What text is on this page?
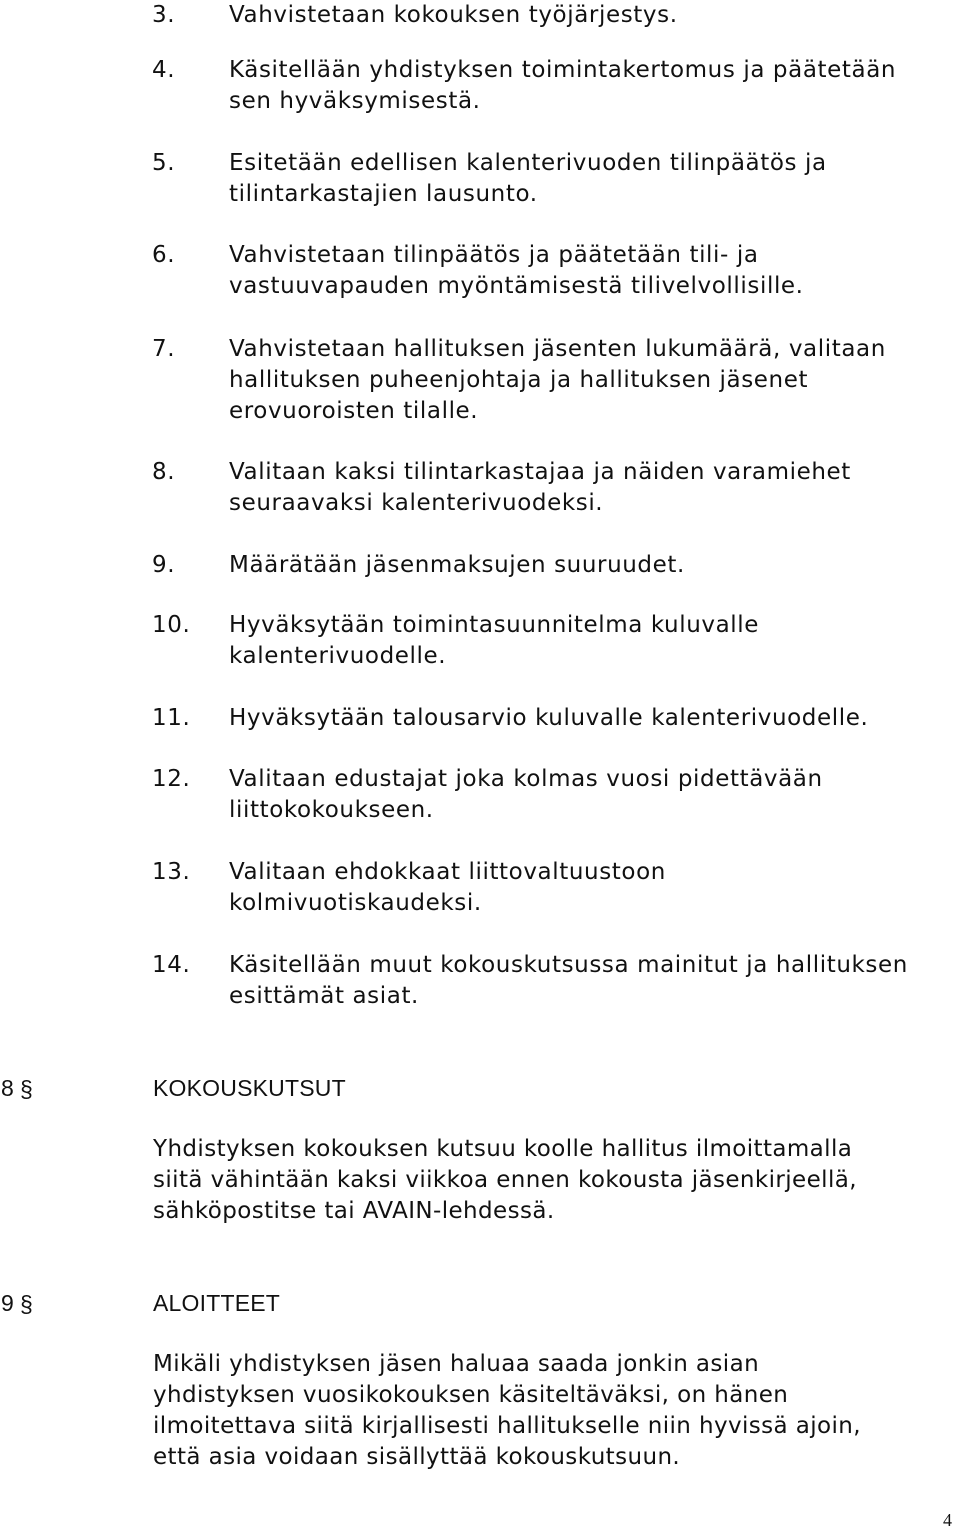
3. Vahvistetaan kokouksen työjärjestys.
4. Käsitellään yhdistyksen toimintakertomus ja päätetään
sen hyväksymisestä.
5. Esitetään edellisen kalenterivuoden tilinpäätös ja
tilintarkastajien lausunto.
6. Vahvistetaan tilinpäätös ja päätetään tili- ja
vastuuvapauden myöntämisestä tilivelvollisille.
7. Vahvistetaan hallituksen jäsenten lukumäärä, valitaan
hallituksen puheenjohtaja ja hallituksen jäsenet
erovuoroisten tilalle.
8. Valitaan kaksi tilintarkastajaa ja näiden varamiehet
seuraavaksi kalenterivuodeksi.
9. Määrätään jäsenmaksujen suuruudet.
10. Hyväksytään toimintasuunnitelma kuluvalle
kalenterivuodelle.
11. Hyväksytään talousarvio kuluvalle kalenterivuodelle.
12. Valitaan edustajat joka kolmas vuosi pidettävään
liittokokoukseen.
13. Valitaan ehdokkaat liittovaltuustoon
kolmivuotiskaudeksi.
14. Käsitellään muut kokouskutsussa mainitut ja hallituksen
esittämät asiat.
8 §	KOKOUSKUTSUT
Yhdistyksen kokouksen kutsuu koolle hallitus ilmoittamalla
siitä vähintään kaksi viikkoa ennen kokousta jäsenkirjeellä,
sähköpostitse tai AVAIN-lehdessä.
9 §	ALOITTEET
Mikäli yhdistyksen jäsen haluaa saada jonkin asian
yhdistyksen vuosikokouksen käsiteltäväksi, on hänen
ilmoitettava siitä kirjallisesti hallitukselle niin hyvissä ajoin,
että asia voidaan sisällyttää kokouskutsuun.
4
